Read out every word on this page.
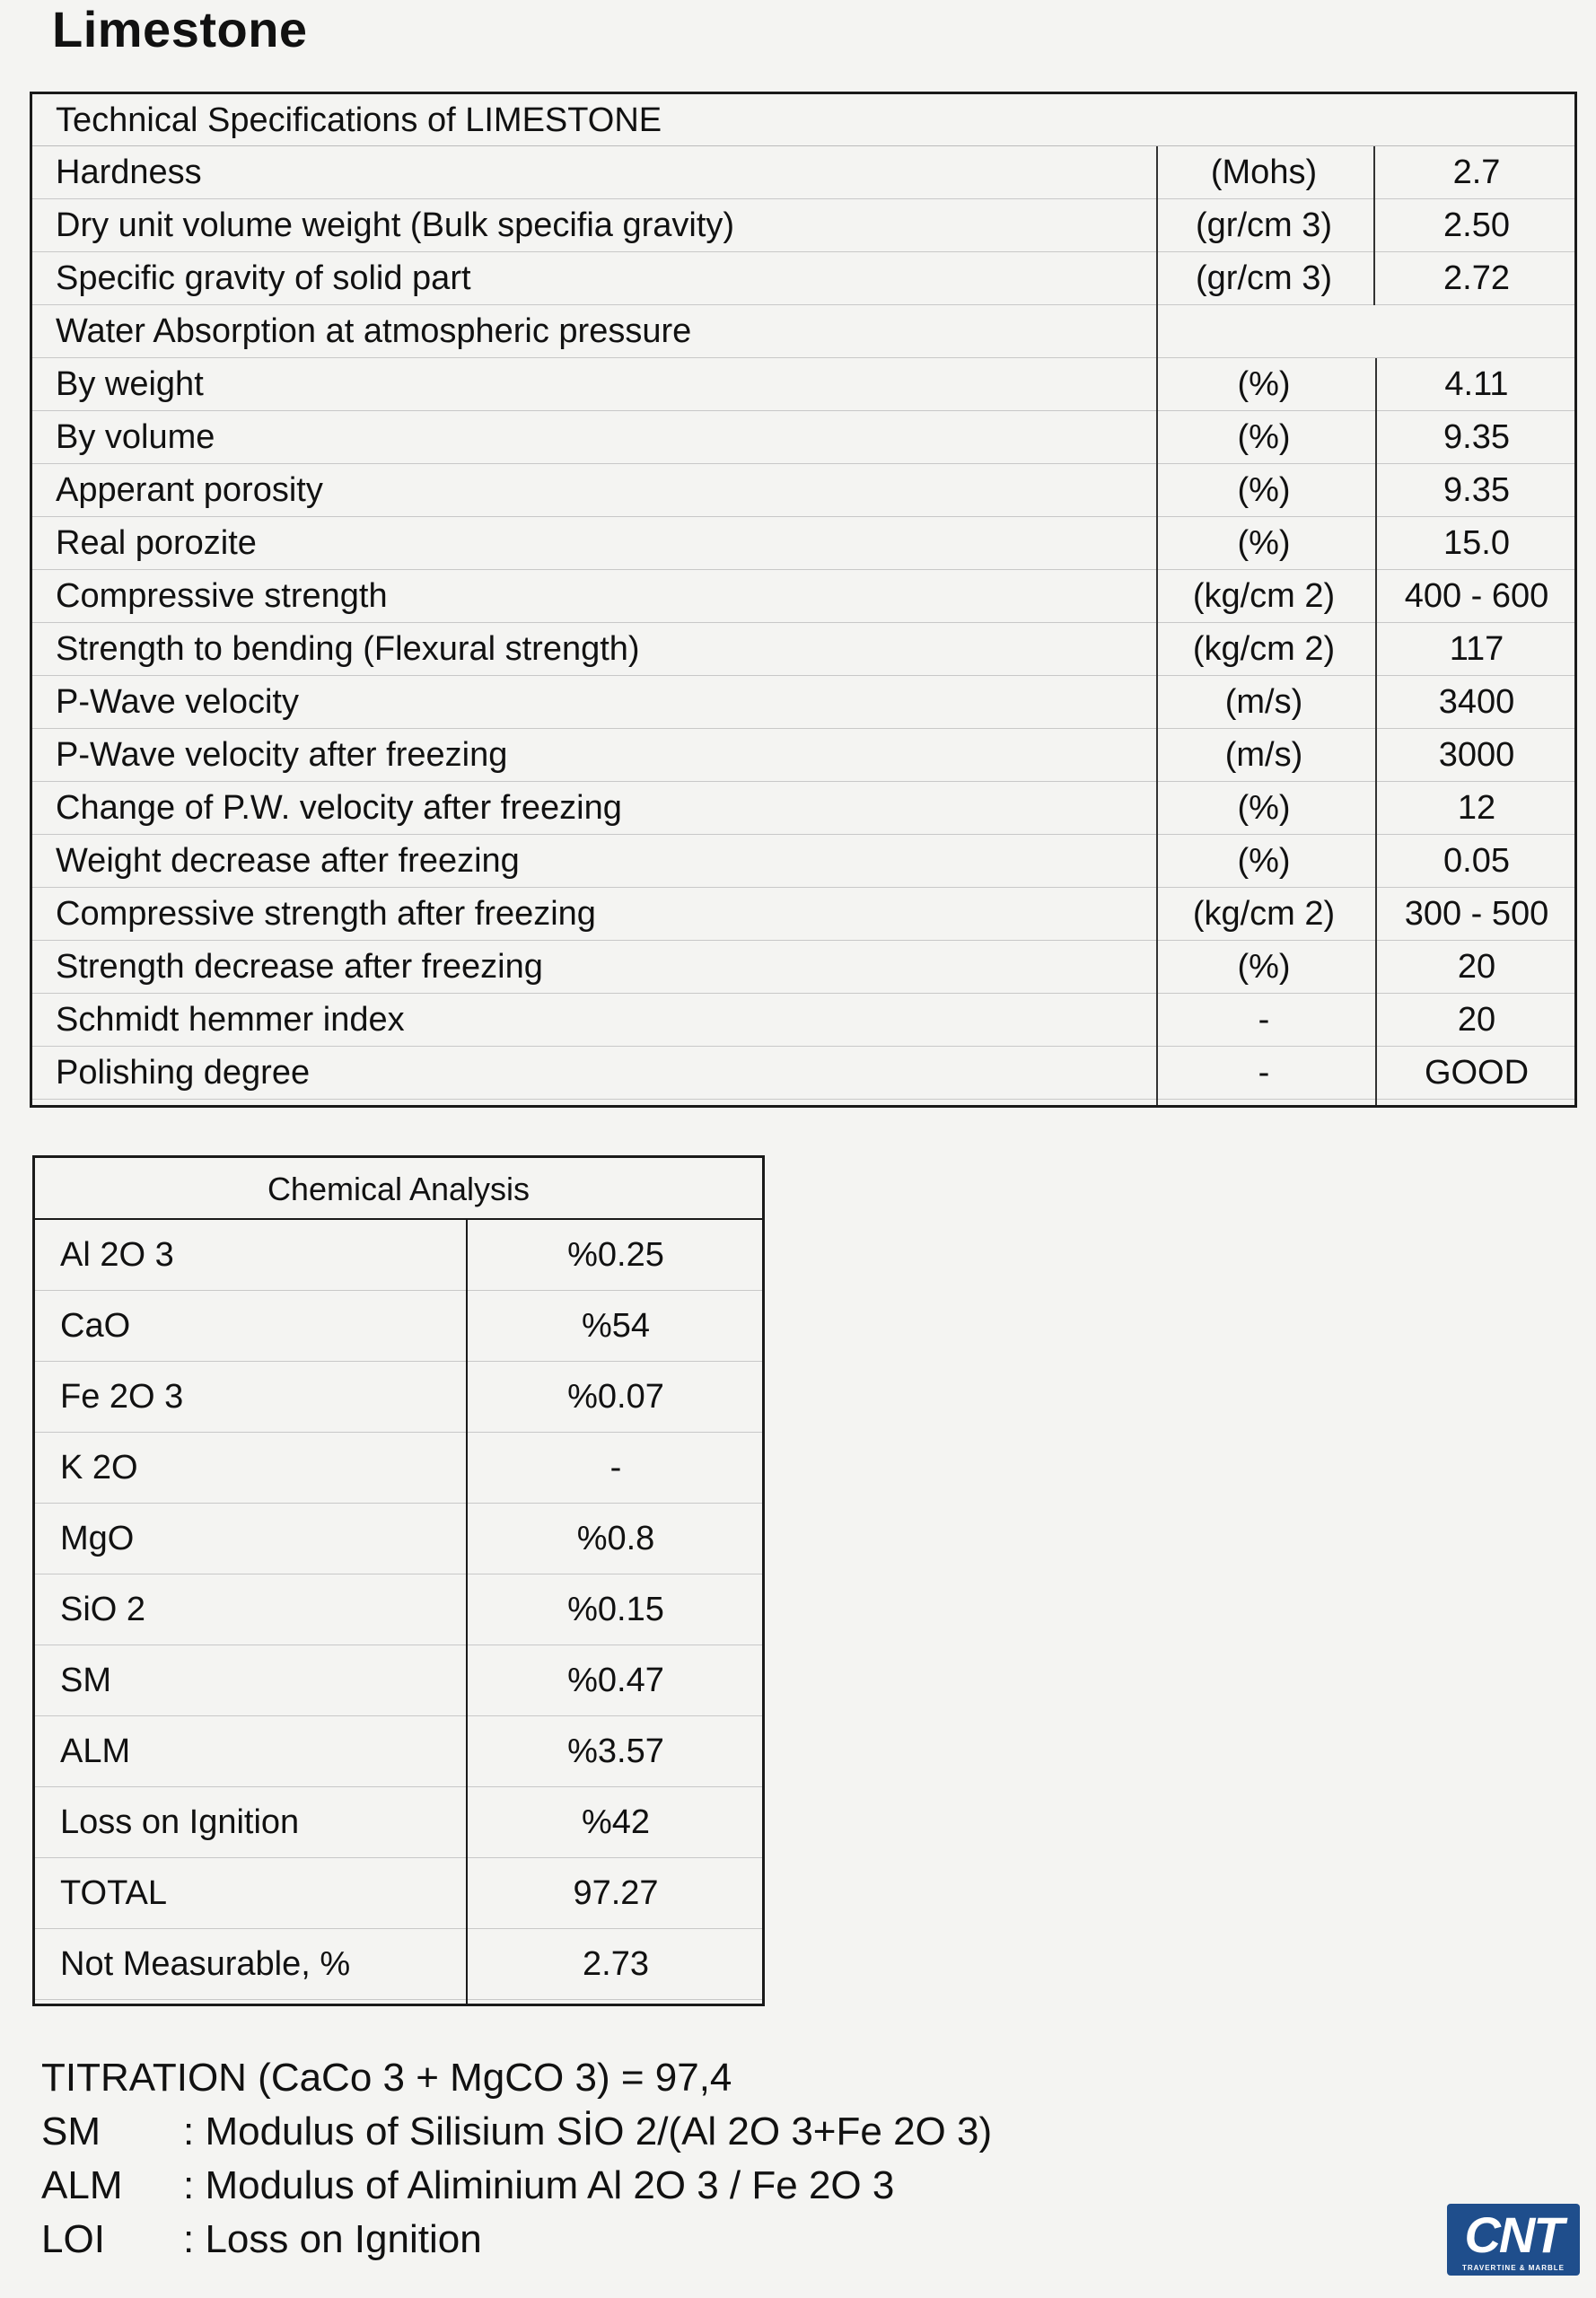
Limestone
Technical Specifications of LIMESTONE
Hardness	(Mohs)	2.7
Dry unit volume weight (Bulk specifia gravity)	(gr/cm 3)	2.50
Specific gravity of solid part	(gr/cm 3)	2.72
Water Absorption at atmospheric pressure
By weight	(%)	4.11
By volume	(%)	9.35
Apperant porosity	(%)	9.35
Real porozite	(%)	15.0
Compressive strength	(kg/cm 2)	400 - 600
Strength to bending (Flexural strength)	(kg/cm 2)	117
P-Wave velocity	(m/s)	3400
P-Wave velocity after freezing	(m/s)	3000
Change of P.W. velocity after freezing	(%)	12
Weight decrease after freezing	(%)	0.05
Compressive strength after freezing	(kg/cm 2)	300 - 500
Strength decrease after freezing	(%)	20
Schmidt hemmer index	-	20
Polishing degree	-	GOOD
Chemical Analysis
Al 2O 3	%0.25
CaO	%54
Fe 2O 3	%0.07
K 2O	-
MgO	%0.8
SiO 2	%0.15
SM	%0.47
ALM	%3.57
Loss on Ignition	%42
TOTAL	97.27
Not Measurable, %	2.73
TITRATION (CaCo 3 + MgCO 3) = 97,4
SM : Modulus of Silisium SİO 2/(Al 2O 3+Fe 2O 3)
ALM : Modulus of Aliminium Al 2O 3 / Fe 2O 3
LOI : Loss on Ignition	CNT
TRAVERTINE & MARBLE
